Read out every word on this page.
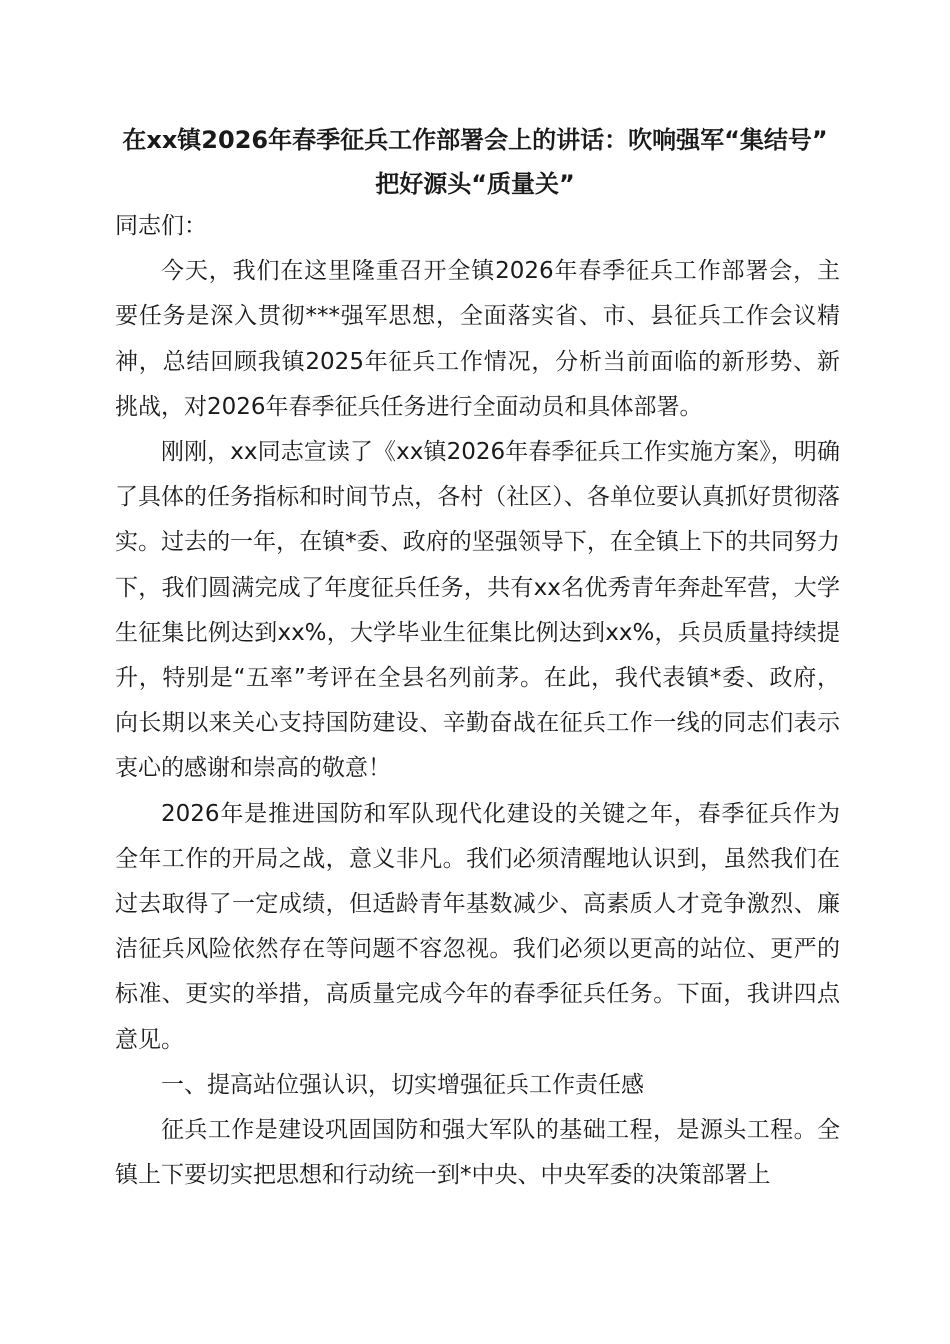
在xx镇2026年春季征兵工作部署会上的讲话：吹响强军“集结号” 把好源头“质量关”

同志们：

今天，我们在这里隆重召开全镇2026年春季征兵工作部署会，主要任务是深入贯彻***强军思想，全面落实省、市、县征兵工作会议精神，总结回顾我镇2025年征兵工作情况，分析当前面临的新形势、新挑战，对2026年春季征兵任务进行全面动员和具体部署。

刚刚，xx同志宣读了《xx镇2026年春季征兵工作实施方案》，明确了具体的任务指标和时间节点，各村（社区）、各单位要认真抓好贯彻落实。过去的一年，在镇*委、政府的坚强领导下，在全镇上下的共同努力下，我们圆满完成了年度征兵任务，共有xx名优秀青年奔赴军营，大学生征集比例达到xx%，大学毕业生征集比例达到xx%，兵员质量持续提升，特别是“五率”考评在全县名列前茅。在此，我代表镇*委、政府，向长期以来关心支持国防建设、辛勤奋战在征兵工作一线的同志们表示衷心的感谢和崇高的敬意！

2026年是推进国防和军队现代化建设的关键之年，春季征兵作为全年工作的开局之战，意义非凡。我们必须清醒地认识到，虽然我们在过去取得了一定成绩，但适龄青年基数减少、高素质人才竞争激烈、廉洁征兵风险依然存在等问题不容忽视。我们必须以更高的站位、更严的标准、更实的举措，高质量完成今年的春季征兵任务。下面，我讲四点意见。

一、提高站位强认识，切实增强征兵工作责任感

征兵工作是建设巩固国防和强大军队的基础工程，是源头工程。全镇上下要切实把思想和行动统一到*中央、中央军委的决策部署上
